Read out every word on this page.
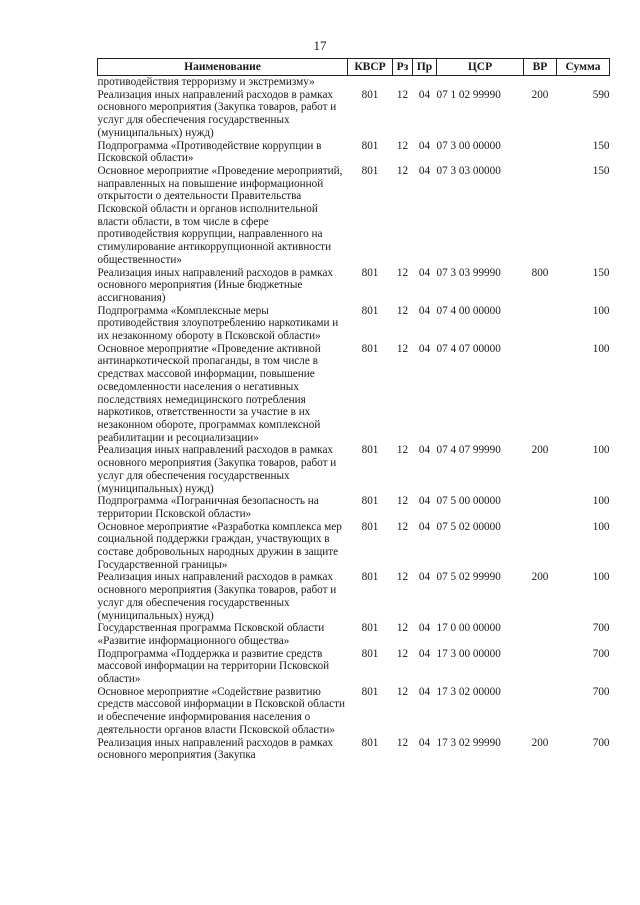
17
Наименование	КВСР	Рз	Пр	ЦСР	ВР	Сумма
противодействия терроризму и экстремизму»						
Реализация иных направлений расходов в рамках основного мероприятия (Закупка товаров, работ и услуг для обеспечения государственных (муниципальных) нужд)	801	12	04	07 1 02 99990	200	590
Подпрограмма «Противодействие коррупции в Псковской области»	801	12	04	07 3 00 00000		150
Основное мероприятие «Проведение мероприятий, направленных на повышение информационной открытости о деятельности Правительства Псковской области и органов исполнительной власти области, в том числе в сфере противодействия коррупции, направленного на стимулирование антикоррупционной активности общественности»	801	12	04	07 3 03 00000		150
Реализация иных направлений расходов в рамках основного мероприятия (Иные бюджетные ассигнования)	801	12	04	07 3 03 99990	800	150
Подпрограмма «Комплексные меры противодействия злоупотреблению наркотиками и их незаконному обороту в Псковской области»	801	12	04	07 4 00 00000		100
Основное мероприятие «Проведение активной антинаркотической пропаганды, в том числе в средствах массовой информации, повышение осведомленности населения о негативных последствиях немедицинского потребления наркотиков, ответственности за участие в их незаконном обороте, программах комплексной реабилитации и ресоциализации»	801	12	04	07 4 07 00000		100
Реализация иных направлений расходов в рамках основного мероприятия (Закупка товаров, работ и услуг для обеспечения государственных (муниципальных) нужд)	801	12	04	07 4 07 99990	200	100
Подпрограмма «Пограничная безопасность на территории Псковской области»	801	12	04	07 5 00 00000		100
Основное мероприятие «Разработка комплекса мер социальной поддержки граждан, участвующих в составе добровольных народных дружин в защите Государственной границы»	801	12	04	07 5 02 00000		100
Реализация иных направлений расходов в рамках основного мероприятия (Закупка товаров, работ и услуг для обеспечения государственных (муниципальных) нужд)	801	12	04	07 5 02 99990	200	100
Государственная программа Псковской области «Развитие информационного общества»	801	12	04	17 0 00 00000		700
Подпрограмма «Поддержка и развитие средств массовой информации на территории Псковской области»	801	12	04	17 3 00 00000		700
Основное мероприятие «Содействие развитию средств массовой информации в Псковской области и обеспечение информирования населения о деятельности органов власти Псковской области»	801	12	04	17 3 02 00000		700
Реализация иных направлений расходов в рамках основного мероприятия (Закупка	801	12	04	17 3 02 99990	200	700
